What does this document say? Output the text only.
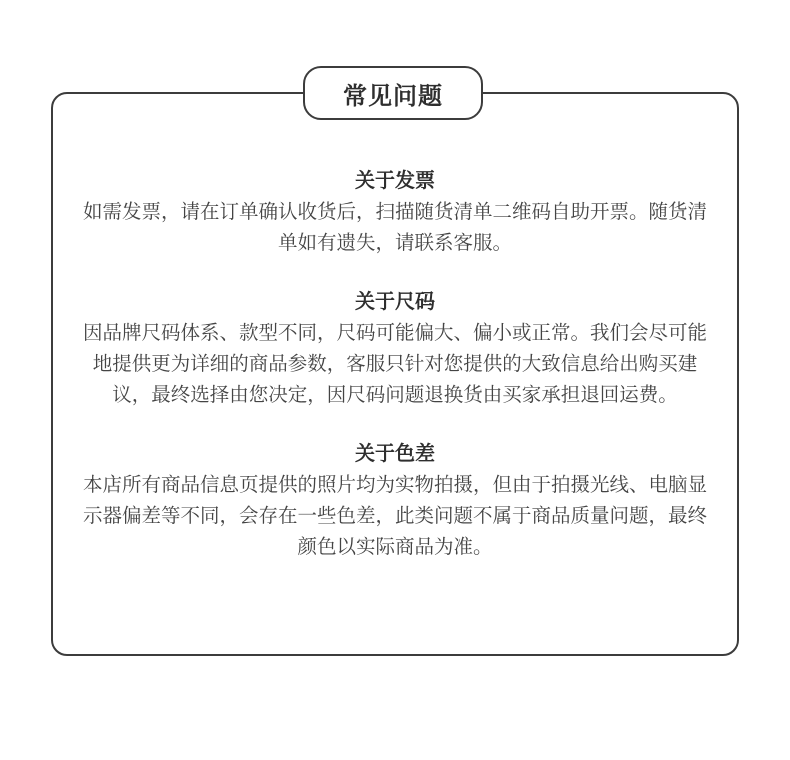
常见问题

关于发票

如需发票，请在订单确认收货后，扫描随货清单二维码自助开票。随货清单如有遗失，请联系客服。

关于尺码

因品牌尺码体系、款型不同，尺码可能偏大、偏小或正常。我们会尽可能地提供更为详细的商品参数，客服只针对您提供的大致信息给出购买建议，最终选择由您决定，因尺码问题退换货由买家承担退回运费。

关于色差

本店所有商品信息页提供的照片均为实物拍摄，但由于拍摄光线、电脑显示器偏差等不同，会存在一些色差，此类问题不属于商品质量问题，最终颜色以实际商品为准。
